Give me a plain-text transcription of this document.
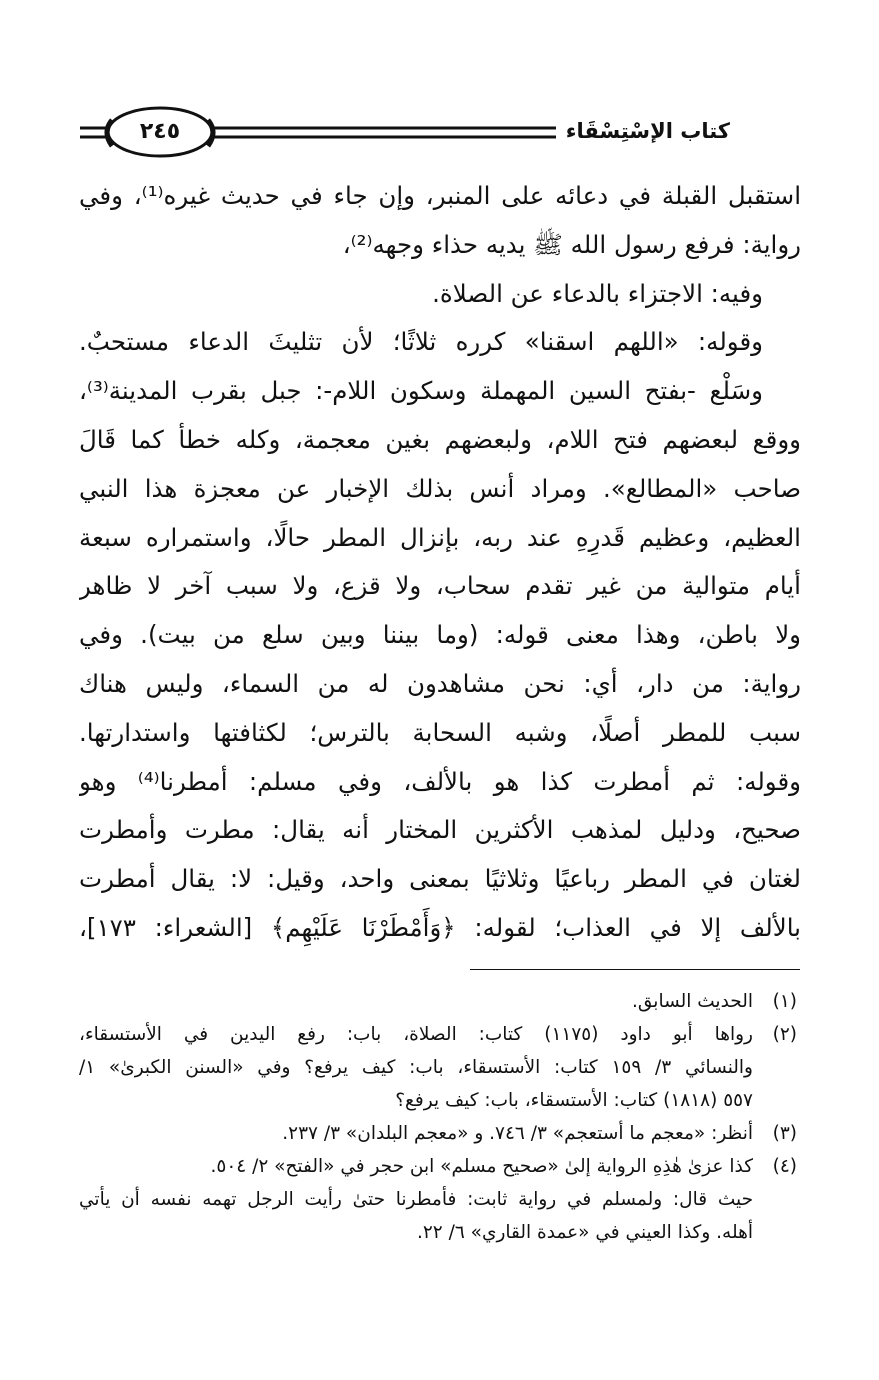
كتاب الإسْتِسْقَاء
٢٤٥
استقبل القبلة في دعائه على المنبر، وإن جاء في حديث غيره⁽¹⁾، وفي
رواية: فرفع رسول الله ﷺ يديه حذاء وجهه⁽²⁾،
وفيه: الاجتزاء بالدعاء عن الصلاة.
وقوله: «اللهم اسقنا» كرره ثلاثًا؛ لأن تثليثَ الدعاء مستحبٌ.
وسَلْع -بفتح السين المهملة وسكون اللام-: جبل بقرب المدينة⁽³⁾،
ووقع لبعضهم فتح اللام، ولبعضهم بغين معجمة، وكله خطأ كما قَالَ
صاحب «المطالع». ومراد أنس بذلك الإخبار عن معجزة هذا النبي
العظيم، وعظيم قَدرِهِ عند ربه، بإنزال المطر حالًا، واستمراره سبعة
أيام متوالية من غير تقدم سحاب، ولا قزع، ولا سبب آخر لا ظاهر
ولا باطن، وهذا معنى قوله: (وما بيننا وبين سلع من بيت). وفي
رواية: من دار، أي: نحن مشاهدون له من السماء، وليس هناك
سبب للمطر أصلًا، وشبه السحابة بالترس؛ لكثافتها واستدارتها.
وقوله: ثم أمطرت كذا هو بالألف، وفي مسلم: أمطرنا⁽⁴⁾ وهو
صحيح، ودليل لمذهب الأكثرين المختار أنه يقال: مطرت وأمطرت
لغتان في المطر رباعيًا وثلاثيًا بمعنى واحد، وقيل: لا: يقال أمطرت
بالألف إلا في العذاب؛ لقوله: ﴿وَأَمْطَرْنَا عَلَيْهِم﴾ [الشعراء: ١٧٣]،
(١)
الحديث السابق.
(٢)
رواها أبو داود (١١٧٥) كتاب: الصلاة، باب: رفع اليدين في الأستسقاء،
والنسائي ٣/ ١٥٩ كتاب: الأستسقاء، باب: كيف يرفع؟ وفي «السنن الكبرىٰ» ١/
٥٥٧ (١٨١٨) كتاب: الأستسقاء، باب: كيف يرفع؟
(٣)
أنظر: «معجم ما أستعجم» ٣/ ٧٤٦. و «معجم البلدان» ٣/ ٢٣٧.
(٤)
كذا عزىٰ هٰذِهِ الرواية إلىٰ «صحيح مسلم» ابن حجر في «الفتح» ٢/ ٥٠٤.
حيث قال: ولمسلم في رواية ثابت: فأمطرنا حتىٰ رأيت الرجل تهمه نفسه أن يأتي
أهله. وكذا العيني في «عمدة القاري» ٦/ ٢٢.
